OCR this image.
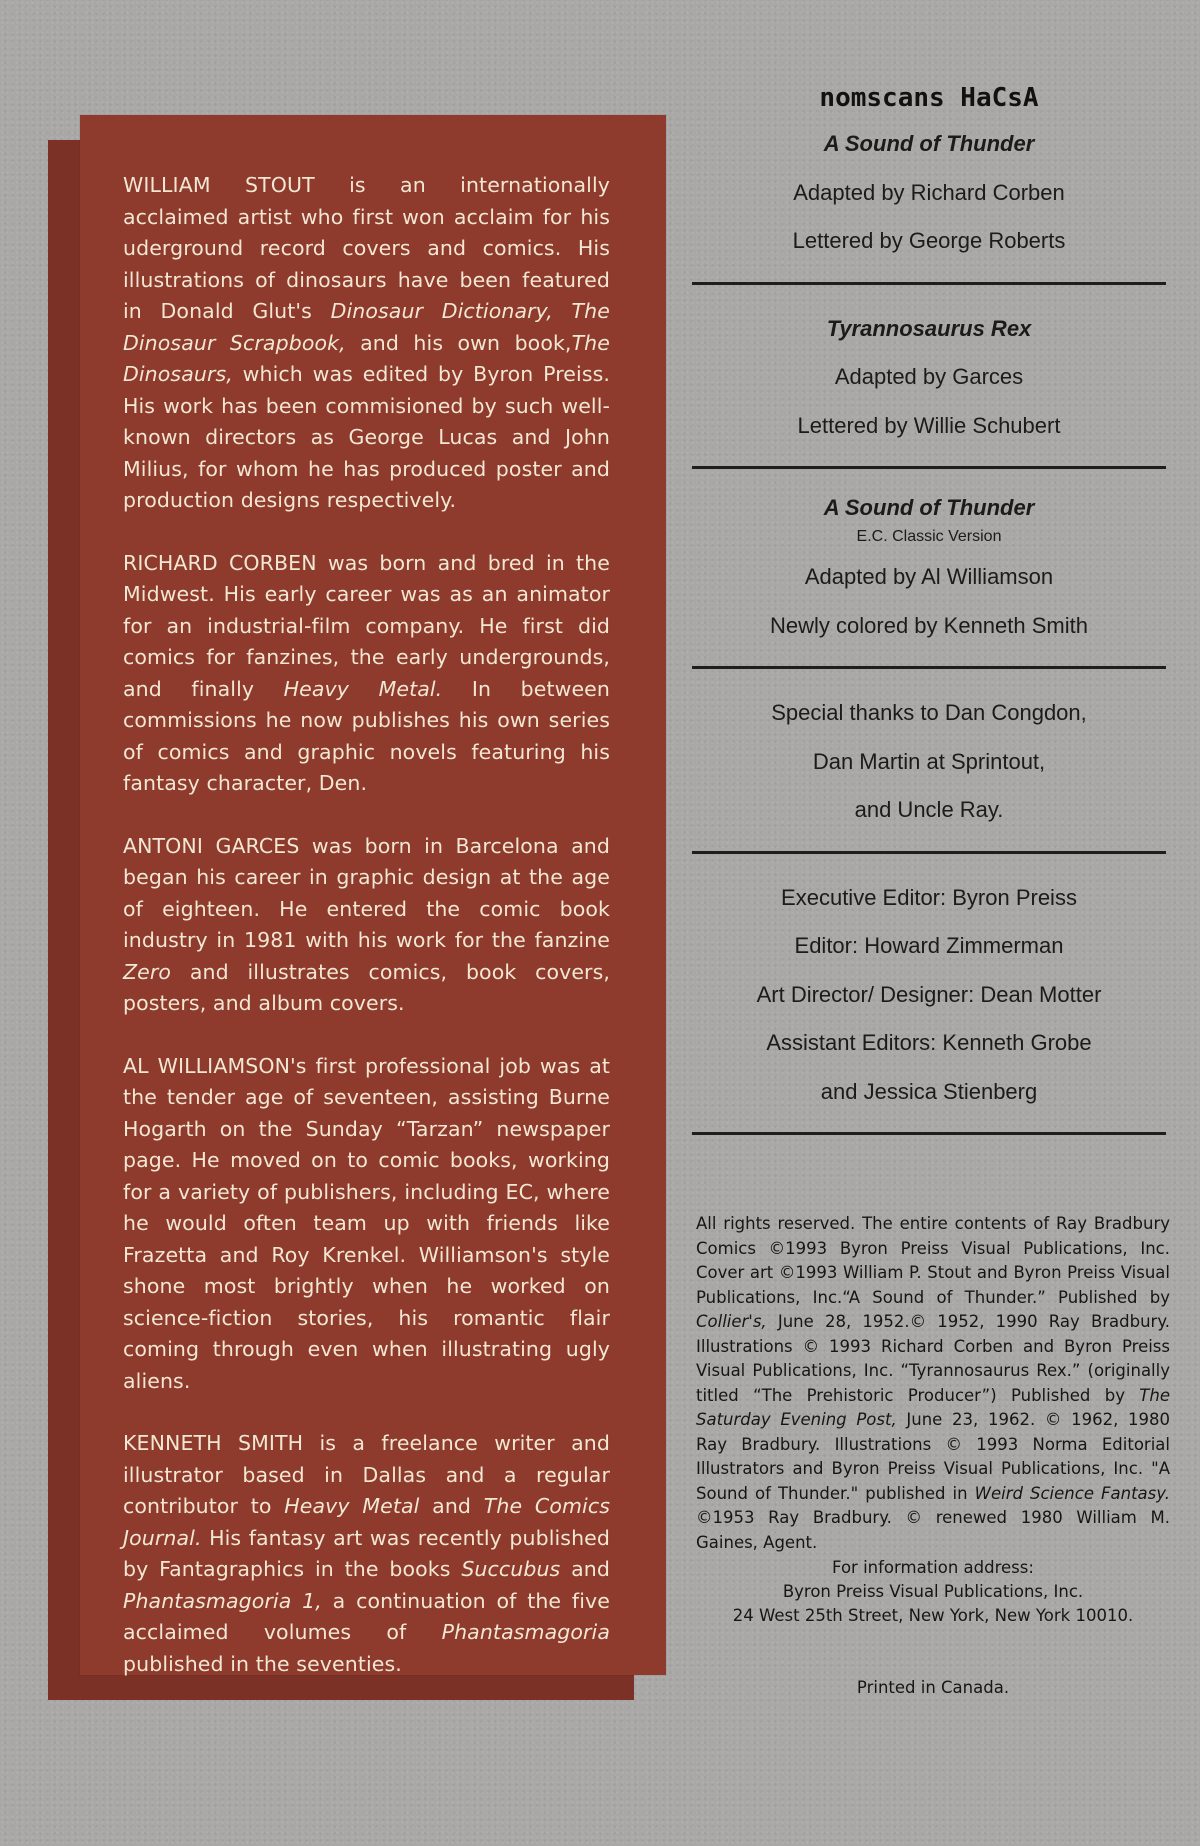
WILLIAM STOUT is an internationally acclaimed artist who first won acclaim for his uderground record covers and comics. His illustrations of dinosaurs have been featured in Donald Glut's Dinosaur Dictionary, The Dinosaur Scrapbook, and his own book,The Dinosaurs, which was edited by Byron Preiss. His work has been commisioned by such well-known directors as George Lucas and John Milius, for whom he has produced poster and production designs respectively.

RICHARD CORBEN was born and bred in the Midwest. His early career was as an animator for an industrial-film company. He first did comics for fanzines, the early undergrounds, and finally Heavy Metal. In between commissions he now publishes his own series of comics and graphic novels featuring his fantasy character, Den.

ANTONI GARCES was born in Barcelona and began his career in graphic design at the age of eighteen. He entered the comic book industry in 1981 with his work for the fanzine Zero and illustrates comics, book covers, posters, and album covers.

AL WILLIAMSON's first professional job was at the tender age of seventeen, assisting Burne Hogarth on the Sunday “Tarzan” newspaper page. He moved on to comic books, working for a variety of publishers, including EC, where he would often team up with friends like Frazetta and Roy Krenkel. Williamson's style shone most brightly when he worked on science-fiction stories, his romantic flair coming through even when illustrating ugly aliens.

KENNETH SMITH is a freelance writer and illustrator based in Dallas and a regular contributor to Heavy Metal and The Comics Journal. His fantasy art was recently published by Fantagraphics in the books Succubus and Phantasmagoria 1, a continuation of the five acclaimed volumes of Phantasmagoria published in the seventies.

nomscans HaCsA
A Sound of Thunder
Adapted by Richard Corben
Lettered by George Roberts
Tyrannosaurus Rex
Adapted by Garces
Lettered by Willie Schubert
A Sound of Thunder
E.C. Classic Version
Adapted by Al Williamson
Newly colored by Kenneth Smith
Special thanks to Dan Congdon,
Dan Martin at Sprintout,
and Uncle Ray.
Executive Editor: Byron Preiss
Editor: Howard Zimmerman
Art Director/ Designer: Dean Motter
Assistant Editors: Kenneth Grobe
and Jessica Stienberg
All rights reserved. The entire contents of Ray Bradbury Comics ©1993 Byron Preiss Visual Publications, Inc. Cover art ©1993 William P. Stout and Byron Preiss Visual Publications, Inc.“A Sound of Thunder.” Published by Collier's, June 28, 1952.© 1952, 1990 Ray Bradbury. Illustrations © 1993 Richard Corben and Byron Preiss Visual Publications, Inc. “Tyrannosaurus Rex.” (originally titled “The Prehistoric Producer”) Published by The Saturday Evening Post, June 23, 1962. © 1962, 1980 Ray Bradbury. Illustrations © 1993 Norma Editorial Illustrators and Byron Preiss Visual Publications, Inc. "A Sound of Thunder." published in Weird Science Fantasy. ©1953 Ray Bradbury. © renewed 1980 William M. Gaines, Agent.
For information address:
Byron Preiss Visual Publications, Inc.
24 West 25th Street, New York, New York 10010.
Printed in Canada.
